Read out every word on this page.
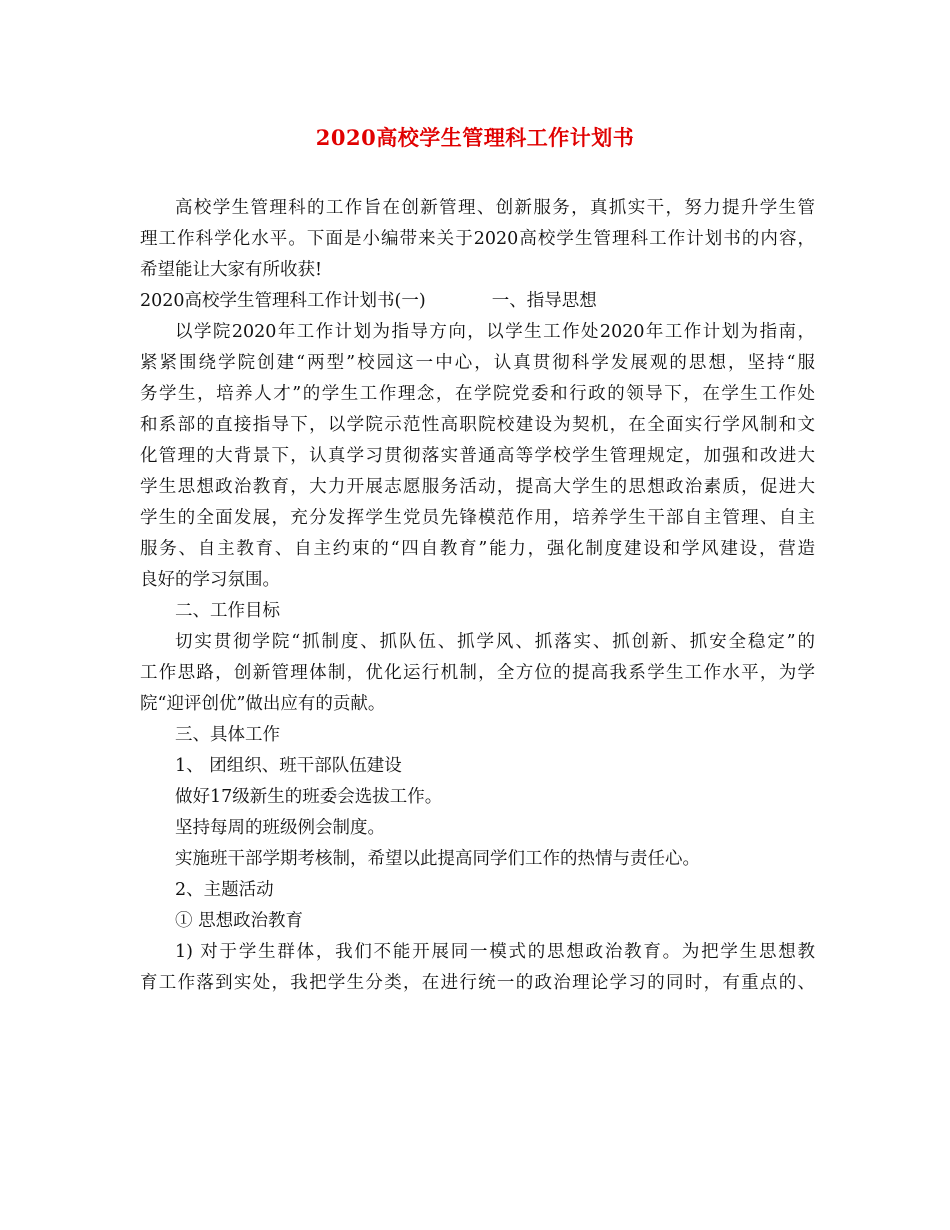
2020高校学生管理科工作计划书
高校学生管理科的工作旨在创新管理、创新服务，真抓实干，努力提升学生管
理工作科学化水平。下面是小编带来关于2020高校学生管理科工作计划书的内容，
希望能让大家有所收获!
2020高校学生管理科工作计划书(一)	一、指导思想
以学院2020年工作计划为指导方向，以学生工作处2020年工作计划为指南，
紧紧围绕学院创建“两型”校园这一中心，认真贯彻科学发展观的思想，坚持“服
务学生，培养人才”的学生工作理念，在学院党委和行政的领导下，在学生工作处
和系部的直接指导下，以学院示范性高职院校建设为契机，在全面实行学风制和文
化管理的大背景下，认真学习贯彻落实普通高等学校学生管理规定，加强和改进大
学生思想政治教育，大力开展志愿服务活动，提高大学生的思想政治素质，促进大
学生的全面发展，充分发挥学生党员先锋模范作用，培养学生干部自主管理、自主
服务、自主教育、自主约束的“四自教育”能力，强化制度建设和学风建设，营造
良好的学习氛围。
二、工作目标
切实贯彻学院“抓制度、抓队伍、抓学风、抓落实、抓创新、抓安全稳定”的
工作思路，创新管理体制，优化运行机制，全方位的提高我系学生工作水平，为学
院“迎评创优”做出应有的贡献。
三、具体工作
1、 团组织、班干部队伍建设
做好17级新生的班委会选拔工作。
坚持每周的班级例会制度。
实施班干部学期考核制，希望以此提高同学们工作的热情与责任心。
2、主题活动
① 思想政治教育
1) 对于学生群体，我们不能开展同一模式的思想政治教育。为把学生思想教
育工作落到实处，我把学生分类，在进行统一的政治理论学习的同时，有重点的、
